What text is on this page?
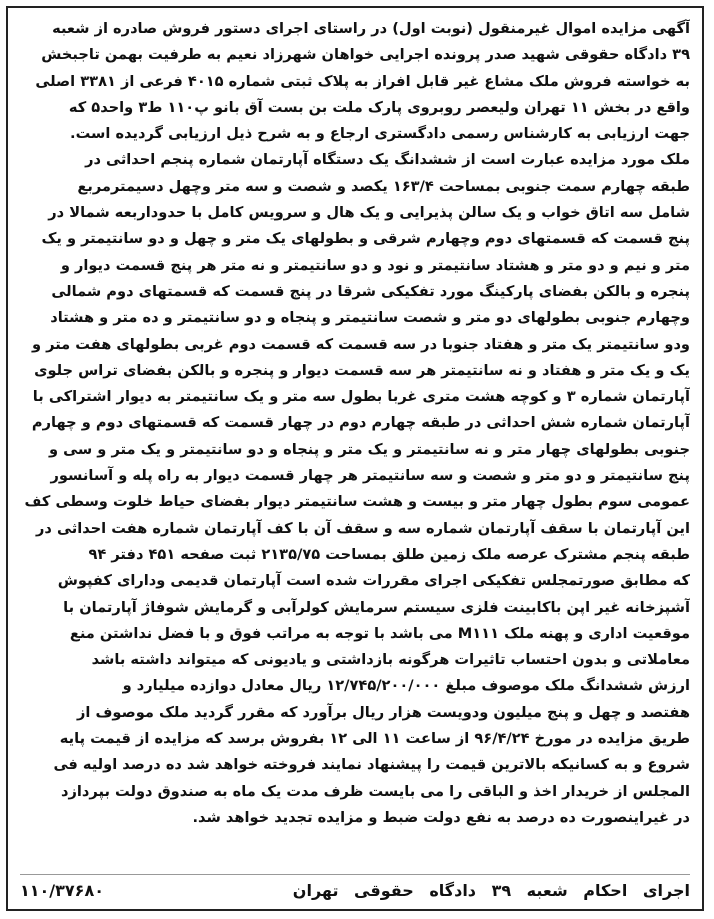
آگهی مزایده اموال غیرمنقول (نوبت اول) در راستای اجرای دستور فروش صادره از شعبه
۳۹ دادگاه حقوقی شهید صدر پرونده اجرایی خواهان شهرزاد نعیم به طرفیت بهمن تاجبخش
به خواسته فروش ملک مشاع غیر قابل افراز به پلاک ثبتی شماره ۴۰۱۵ فرعی از ۳۳۸۱ اصلی
واقع در بخش ۱۱ تهران ولیعصر روبروی پارک ملت بن بست آق بانو پ۱۱۰ ط۳ واحد۵ که
جهت ارزیابی به کارشناس رسمی دادگستری ارجاع و به شرح ذیل ارزیابی گردیده است.
ملک مورد مزایده عبارت است از ششدانگ یک دستگاه آپارتمان شماره پنجم احداثی در
طبقه چهارم سمت جنوبی بمساحت ۱۶۳/۴ یکصد و شصت و سه متر وچهل دسیمترمربع
شامل سه اتاق خواب و یک سالن پذیرایی و یک هال و سرویس کامل با حدوداربعه شمالا در
پنج قسمت که قسمتهای دوم وچهارم شرقی و بطولهای یک متر و چهل و دو سانتیمتر و یک
متر و نیم و دو متر و هشتاد سانتیمتر و نود و دو سانتیمتر و نه متر هر پنج قسمت دیوار و
پنجره و بالکن بفضای پارکینگ مورد تفکیکی شرقا در پنج قسمت که قسمتهای دوم شمالی
وچهارم جنوبی بطولهای دو متر و شصت سانتیمتر و پنجاه و دو سانتیمتر و ده متر و هشتاد
ودو سانتیمتر یک متر و هفتاد جنوبا در سه قسمت که قسمت دوم غربی بطولهای هفت متر و
یک و یک متر و هفتاد و نه سانتیمتر هر سه قسمت دیوار و پنجره و بالکن بفضای تراس جلوی
آپارتمان شماره ۳ و کوچه هشت متری غربا بطول سه متر و یک سانتیمتر به دیوار اشتراکی با
آپارتمان شماره شش احداثی در طبقه چهارم دوم در چهار قسمت که قسمتهای دوم و چهارم
جنوبی بطولهای چهار متر و نه سانتیمتر و یک متر و پنجاه و دو سانتیمتر و یک متر و سی و
پنج سانتیمتر و دو متر و شصت و سه سانتیمتر هر چهار قسمت دیوار به راه پله و آسانسور
عمومی سوم بطول چهار متر و بیست و هشت سانتیمتر دیوار بفضای حیاط خلوت وسطی کف
این آپارتمان با سقف آپارتمان شماره سه و سقف آن با کف آپارتمان شماره هفت احداثی در
طبقه پنجم مشترک عرصه ملک زمین طلق بمساحت ۲۱۳۵/۷۵ ثبت صفحه ۴۵۱ دفتر ۹۴
که مطابق صورتمجلس تفکیکی اجرای مقررات شده است آپارتمان قدیمی ودارای کفپوش
آشپزخانه غیر اپن باکابینت فلزی سیستم سرمایش کولرآبی و گرمایش شوفاژ آپارتمان با
موقعیت اداری و پهنه ملک M۱۱۱ می باشد با توجه به مراتب فوق و با فضل نداشتن منع
معاملاتی و بدون احتساب تاثیرات هرگونه بازداشتی و یادیونی که میتواند داشته باشد
ارزش ششدانگ ملک موصوف مبلغ ۱۲/۷۴۵/۲۰۰/۰۰۰ ریال معادل دوازده میلیارد و
هفتصد و چهل و پنج میلیون ودویست هزار ریال برآورد که مقرر گردید ملک موصوف از
طریق مزایده در مورخ ۹۶/۴/۲۴ از ساعت ۱۱ الی ۱۲ بفروش برسد که مزایده از قیمت پایه
شروع و به کسانیکه بالاترین قیمت را پیشنهاد نمایند فروخته خواهد شد ده درصد اولیه فی
المجلس از خریدار اخذ و الباقی را می بایست ظرف مدت یک ماه به صندوق دولت بپردازد
در غیراینصورت ده درصد به نفع دولت ضبط و مزایده تجدید خواهد شد.
اجرای احکام شعبه ۳۹ دادگاه حقوقی تهران
۱۱۰/۳۷۶۸۰
